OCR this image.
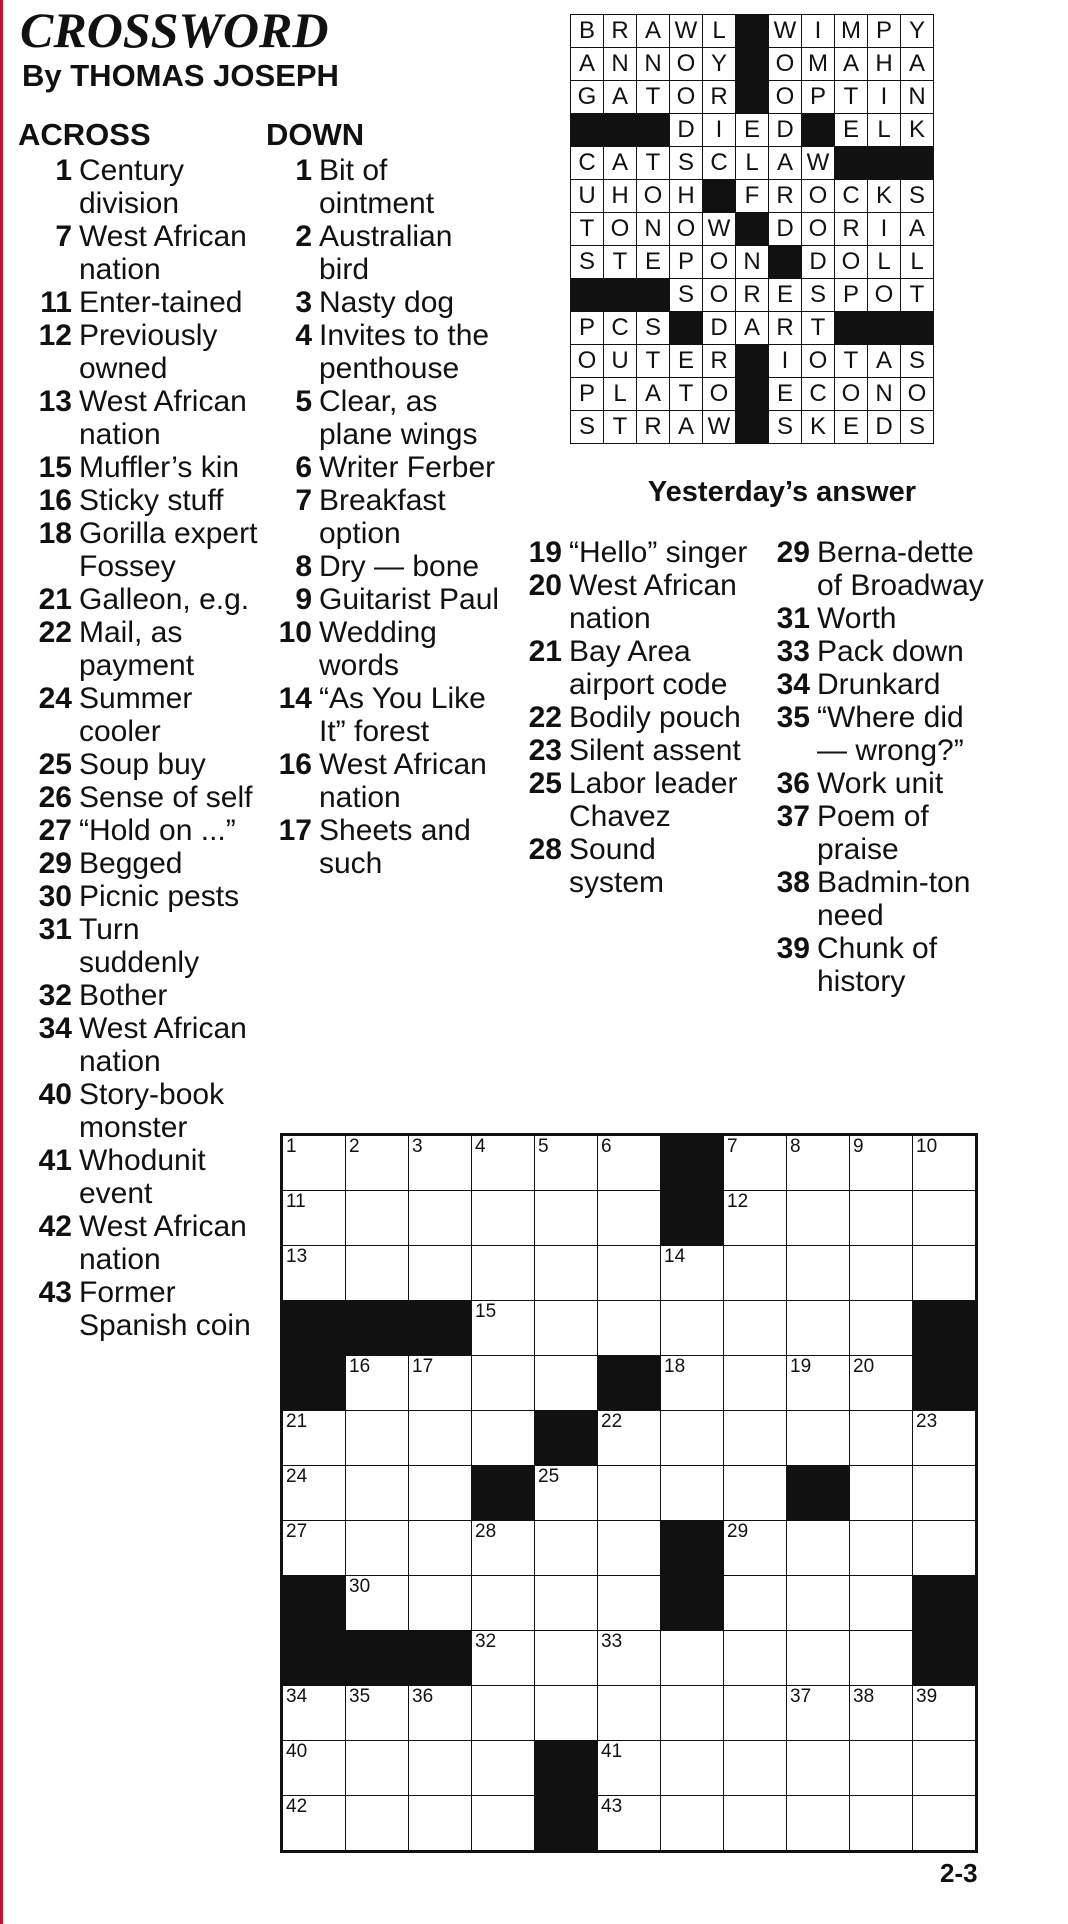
CROSSWORD
By THOMAS JOSEPH
ACROSS
1 Century division
7 West African nation
11 Enter-tained
12 Previously owned
13 West African nation
15 Muffler’s kin
16 Sticky stuff
18 Gorilla expert Fossey
21 Galleon, e.g.
22 Mail, as payment
24 Summer cooler
25 Soup buy
26 Sense of self
27 “Hold on ...”
29 Begged
30 Picnic pests
31 Turn suddenly
32 Bother
34 West African nation
40 Story-book monster
41 Whodunit event
42 West African nation
43 Former Spanish coin
DOWN
1 Bit of ointment
2 Australian bird
3 Nasty dog
4 Invites to the penthouse
5 Clear, as plane wings
6 Writer Ferber
7 Breakfast option
8 Dry — bone
9 Guitarist Paul
10 Wedding words
14 “As You Like It” forest
16 West African nation
17 Sheets and such
19 “Hello” singer
20 West African nation
21 Bay Area airport code
22 Bodily pouch
23 Silent assent
25 Labor leader Chavez
28 Sound system
29 Berna-dette of Broadway
31 Worth
33 Pack down
34 Drunkard
35 “Where did — wrong?”
36 Work unit
37 Poem of praise
38 Badmin-ton need
39 Chunk of history
B	R	A	W	L		W	I	M	P	Y
A	N	N	O	Y		O	M	A	H	A
G	A	T	O	R		O	P	T	I	N
			D	I	E	D		E	L	K
C	A	T	S	C	L	A	W			
U	H	O	H		F	R	O	C	K	S
T	O	N	O	W		D	O	R	I	A
S	T	E	P	O	N		D	O	L	L
			S	O	R	E	S	P	O	T
P	C	S		D	A	R	T			
O	U	T	E	R		I	O	T	A	S
P	L	A	T	O		E	C	O	N	O
S	T	R	A	W		S	K	E	D	S
Yesterday’s answer
1	2	3	4	5	6		7	8	9	10

11							12			

13						14				

			15							

	16	17				18		19	20	

21					22					23

24				25						

27			28				29			

	30									

			32		33					

34	35	36						37	38	39

40					41					

42					43					

2-3
